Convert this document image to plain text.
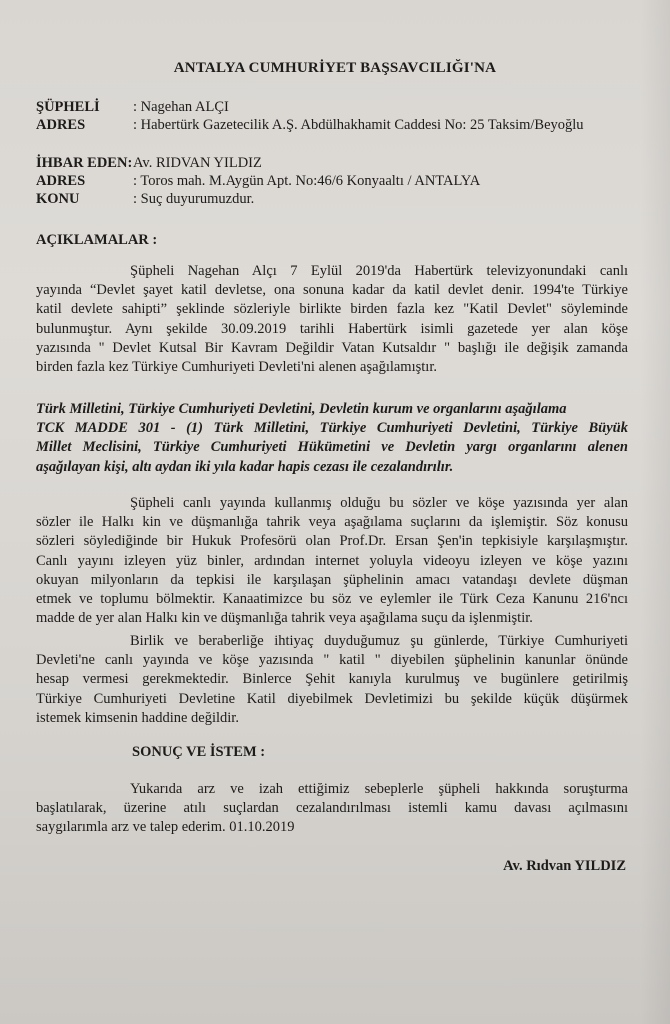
ANTALYA CUMHURİYET BAŞSAVCILIĞI'NA
ŞÜPHELİ : Nagehan ALÇI
ADRES	: Habertürk Gazetecilik A.Ş. Abdülhakhamit Caddesi No: 25 Taksim/Beyoğlu
İHBAR EDEN: Av. RIDVAN YILDIZ
ADRES	: Toros mah. M.Aygün Apt. No:46/6 Konyaaltı / ANTALYA
KONU	: Suç duyurumuzdur.
AÇIKLAMALAR :
Şüpheli Nagehan Alçı 7 Eylül 2019'da Habertürk televizyonundaki canlı
yayında “Devlet şayet katil devletse, ona sonuna kadar da katil devlet denir. 1994'te Türkiye
katil devlete sahipti” şeklinde sözleriyle birlikte birden fazla kez "Katil Devlet" söyleminde
bulunmuştur. Aynı şekilde 30.09.2019 tarihli Habertürk isimli gazetede yer alan köşe
yazısında " Devlet Kutsal Bir Kavram Değildir Vatan Kutsaldır " başlığı ile değişik zamanda
birden fazla kez Türkiye Cumhuriyeti Devleti'ni alenen aşağılamıştır.
Türk Milletini, Türkiye Cumhuriyeti Devletini, Devletin kurum ve organlarını aşağılama
TCK MADDE 301 - (1) Türk Milletini, Türkiye Cumhuriyeti Devletini, Türkiye Büyük
Millet Meclisini, Türkiye Cumhuriyeti Hükümetini ve Devletin yargı organlarını alenen
aşağılayan kişi, altı aydan iki yıla kadar hapis cezası ile cezalandırılır.
Şüpheli canlı yayında kullanmış olduğu bu sözler ve köşe yazısında yer alan
sözler ile Halkı kin ve düşmanlığa tahrik veya aşağılama suçlarını da işlemiştir. Söz konusu
sözleri söylediğinde bir Hukuk Profesörü olan Prof.Dr. Ersan Şen'in tepkisiyle karşılaşmıştır.
Canlı yayını izleyen yüz binler, ardından internet yoluyla videoyu izleyen ve köşe yazını
okuyan milyonların da tepkisi ile karşılaşan şüphelinin amacı vatandaşı devlete düşman
etmek ve toplumu bölmektir. Kanaatimizce bu söz ve eylemler ile Türk Ceza Kanunu 216'ncı
madde de yer alan Halkı kin ve düşmanlığa tahrik veya aşağılama suçu da işlenmiştir.
Birlik ve beraberliğe ihtiyaç duyduğumuz şu günlerde, Türkiye Cumhuriyeti
Devleti'ne canlı yayında ve köşe yazısında " katil " diyebilen şüphelinin kanunlar önünde
hesap vermesi gerekmektedir. Binlerce Şehit kanıyla kurulmuş ve bugünlere getirilmiş
Türkiye Cumhuriyeti Devletine Katil diyebilmek Devletimizi bu şekilde küçük düşürmek
istemek kimsenin haddine değildir.
SONUÇ VE İSTEM :
Yukarıda arz ve izah ettiğimiz sebeplerle şüpheli hakkında soruşturma
başlatılarak, üzerine atılı suçlardan cezalandırılması istemli kamu davası açılmasını
saygılarımla arz ve talep ederim. 01.10.2019
Av. Rıdvan YILDIZ
